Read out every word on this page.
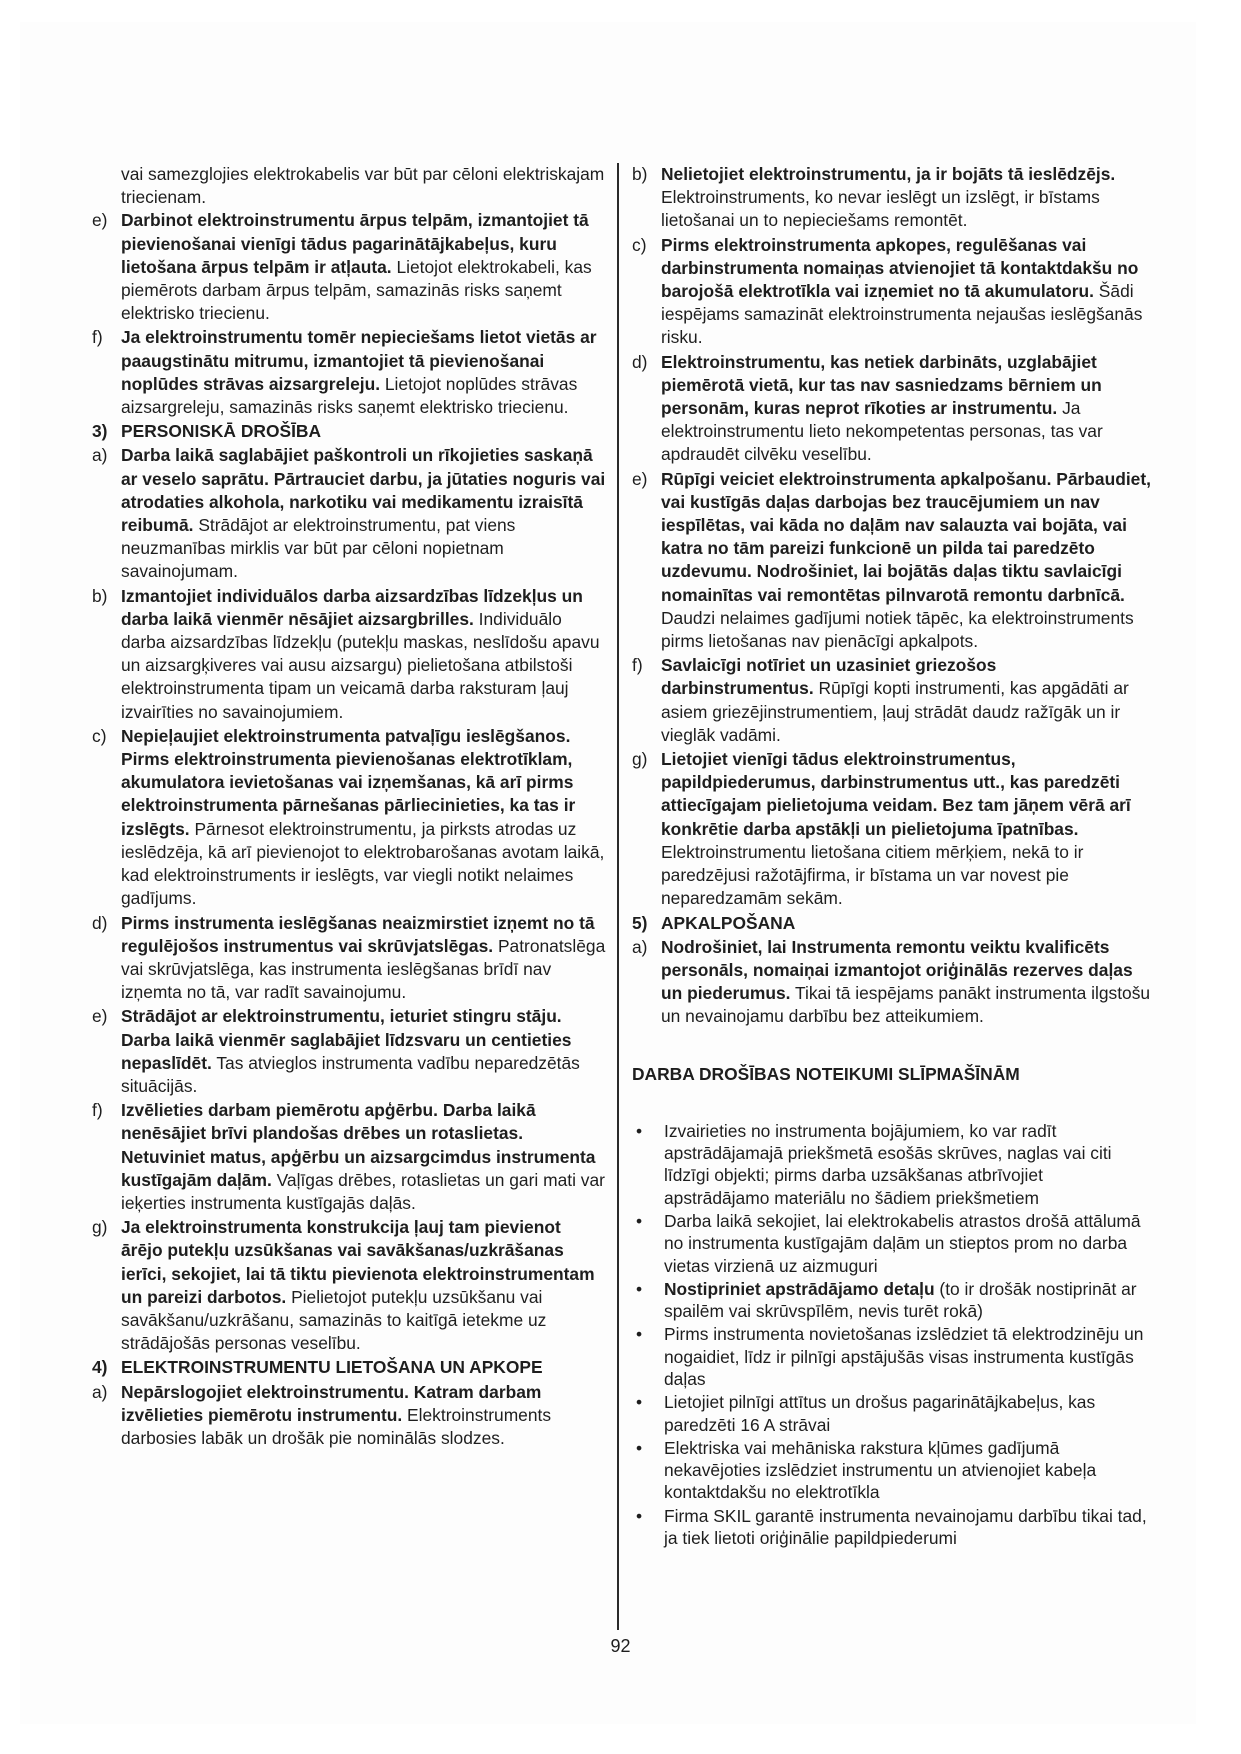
vai samezglojies elektrokabelis var būt par cēloni elektriskajam triecienam.
e) Darbinot elektroinstrumentu ārpus telpām, izmantojiet tā pievienošanai vienīgi tādus pagarinātājkabeļus, kuru lietošana ārpus telpām ir atļauta. Lietojot elektrokabeli, kas piemērots darbam ārpus telpām, samazinās risks saņemt elektrisko triecienu.
f) Ja elektroinstrumentu tomēr nepieciešams lietot vietās ar paaugstinātu mitrumu, izmantojiet tā pievienošanai noplūdes strāvas aizsargreleju. Lietojot noplūdes strāvas aizsargreleju, samazinās risks saņemt elektrisko triecienu.
3) PERSONISKĀ DROŠĪBA
a) Darba laikā saglabājiet paškontroli un rīkojieties saskaņā ar veselo saprātu. Pārtrauciet darbu, ja jūtaties noguris vai atrodaties alkohola, narkotiku vai medikamentu izraisītā reibumā. Strādājot ar elektroinstrumentu, pat viens neuzmanības mirklis var būt par cēloni nopietnam savainojumam.
b) Izmantojiet individuālos darba aizsardzības līdzekļus un darba laikā vienmēr nēsājiet aizsargbrilles. Individuālo darba aizsardzības līdzekļu (putekļu maskas, neslīdošu apavu un aizsargķiveres vai ausu aizsargu) pielietošana atbilstoši elektroinstrumenta tipam un veicamā darba raksturam ļauj izvairīties no savainojumiem.
c) Nepieļaujiet elektroinstrumenta patvaļīgu ieslēgšanos. Pirms elektroinstrumenta pievienošanas elektrotīklam, akumulatora ievietošanas vai izņemšanas, kā arī pirms elektroinstrumenta pārnešanas pārliecinieties, ka tas ir izslēgts. Pārnesot elektroinstrumentu, ja pirksts atrodas uz ieslēdzēja, kā arī pievienojot to elektrobarošanas avotam laikā, kad elektroinstruments ir ieslēgts, var viegli notikt nelaimes gadījums.
d) Pirms instrumenta ieslēgšanas neaizmirstiet izņemt no tā regulējošos instrumentus vai skrūvjatslēgas. Patronatslēga vai skrūvjatslēga, kas instrumenta ieslēgšanas brīdī nav izņemta no tā, var radīt savainojumu.
e) Strādājot ar elektroinstrumentu, ieturiet stingru stāju. Darba laikā vienmēr saglabājiet līdzsvaru un centieties nepaslīdēt. Tas atvieglos instrumenta vadību neparedzētās situācijās.
f) Izvēlieties darbam piemērotu apģērbu. Darba laikā nenēsājiet brīvi plandošas drēbes un rotaslietas. Netuviniet matus, apģērbu un aizsargcimdus instrumenta kustīgajām daļām. Vaļīgas drēbes, rotaslietas un gari mati var ieķerties instrumenta kustīgajās daļās.
g) Ja elektroinstrumenta konstrukcija ļauj tam pievienot ārējo putekļu uzsūkšanas vai savākšanas/uzkrāšanas ierīci, sekojiet, lai tā tiktu pievienota elektroinstrumentam un pareizi darbotos. Pielietojot putekļu uzsūkšanu vai savākšanu/uzkrāšanu, samazinās to kaitīgā ietekme uz strādājošās personas veselību.
4) ELEKTROINSTRUMENTU LIETOŠANA UN APKOPE
a) Nepārslogojiet elektroinstrumentu. Katram darbam izvēlieties piemērotu instrumentu. Elektroinstruments darbosies labāk un drošāk pie nominālās slodzes.
b) Nelietojiet elektroinstrumentu, ja ir bojāts tā ieslēdzējs. Elektroinstruments, ko nevar ieslēgt un izslēgt, ir bīstams lietošanai un to nepieciešams remontēt.
c) Pirms elektroinstrumenta apkopes, regulēšanas vai darbinstrumenta nomaiņas atvienojiet tā kontaktdakšu no barojošā elektrotīkla vai izņemiet no tā akumulatoru. Šādi iespējams samazināt elektroinstrumenta nejaušas ieslēgšanās risku.
d) Elektroinstrumentu, kas netiek darbināts, uzglabājiet piemērotā vietā, kur tas nav sasniedzams bērniem un personām, kuras neprot rīkoties ar instrumentu. Ja elektroinstrumentu lieto nekompetentas personas, tas var apdraudēt cilvēku veselību.
e) Rūpīgi veiciet elektroinstrumenta apkalpošanu. Pārbaudiet, vai kustīgās daļas darbojas bez traucējumiem un nav iespīlētas, vai kāda no daļām nav salauzta vai bojāta, vai katra no tām pareizi funkcionē un pilda tai paredzēto uzdevumu. Nodrošiniet, lai bojātās daļas tiktu savlaicīgi nomainītas vai remontētas pilnvarotā remontu darbnīcā. Daudzi nelaimes gadījumi notiek tāpēc, ka elektroinstruments pirms lietošanas nav pienācīgi apkalpots.
f) Savlaicīgi notīriet un uzasiniet griezošos darbinstrumentus. Rūpīgi kopti instrumenti, kas apgādāti ar asiem griezējinstrumentiem, ļauj strādāt daudz ražīgāk un ir vieglāk vadāmi.
g) Lietojiet vienīgi tādus elektroinstrumentus, papildpiederumus, darbinstrumentus utt., kas paredzēti attiecīgajam pielietojuma veidam. Bez tam jāņem vērā arī konkrētie darba apstākļi un pielietojuma īpatnības. Elektroinstrumentu lietošana citiem mērķiem, nekā to ir paredzējusi ražotājfirma, ir bīstama un var novest pie neparedzamām sekām.
5) APKALPOŠANA
a) Nodrošiniet, lai Instrumenta remontu veiktu kvalificēts personāls, nomaiņai izmantojot oriģinālās rezerves daļas un piederumus. Tikai tā iespējams panākt instrumenta ilgstošu un nevainojamu darbību bez atteikumiem.
DARBA DROŠĪBAS NOTEIKUMI SLĪPMAŠĪNĀM
• Izvairieties no instrumenta bojājumiem, ko var radīt apstrādājamajā priekšmetā esošās skrūves, naglas vai citi līdzīgi objekti; pirms darba uzsākšanas atbrīvojiet apstrādājamo materiālu no šādiem priekšmetiem
• Darba laikā sekojiet, lai elektrokabelis atrastos drošā attālumā no instrumenta kustīgajām daļām un stieptos prom no darba vietas virzienā uz aizmuguri
• Nostipriniet apstrādājamo detaļu (to ir drošāk nostiprināt ar spailēm vai skrūvspīlēm, nevis turēt rokā)
• Pirms instrumenta novietošanas izslēdziet tā elektrodzinēju un nogaidiet, līdz ir pilnīgi apstājušās visas instrumenta kustīgās daļas
• Lietojiet pilnīgi attītus un drošus pagarinātājkabeļus, kas paredzēti 16 A strāvai
• Elektriska vai mehāniska rakstura kļūmes gadījumā nekavējoties izslēdziet instrumentu un atvienojiet kabeļa kontaktdakšu no elektrotīkla
• Firma SKIL garantē instrumenta nevainojamu darbību tikai tad, ja tiek lietoti oriģinālie papildpiederumi
92
